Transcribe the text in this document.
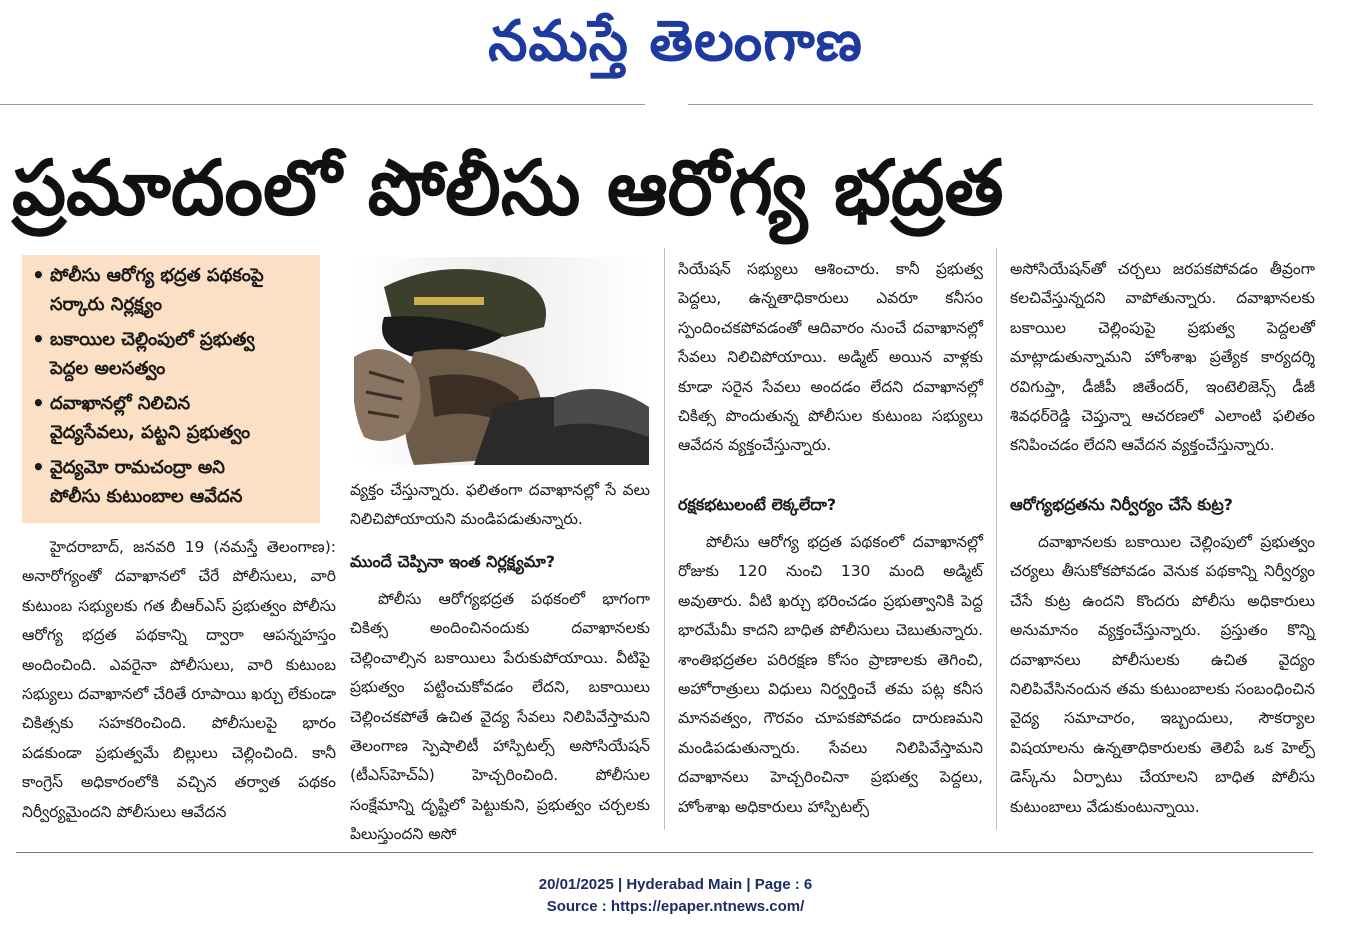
నమస్తే తెలంగాణ
ప్రమాదంలో పోలీసు ఆరోగ్య భద్రత
• పోలీసు ఆరోగ్య భద్రత పథకంపై
సర్కారు నిర్లక్ష్యం
• బకాయిల చెల్లింపులో ప్రభుత్వ
పెద్దల అలసత్వం
• దవాఖానల్లో నిలిచిన
వైద్యసేవలు, పట్టని ప్రభుత్వం
• వైద్యమో రామచంద్రా అని
పోలీసు కుటుంబాల ఆవేదన	వ్యక్తం చేస్తున్నారు. ఫలితంగా దవాఖానల్లో సే వలు నిలిచిపోయాయని మండిపడుతున్నారు.
హైదరాబాద్, జనవరి 19 (నమస్తే తెలంగాణ): అనారోగ్యంతో దవాఖానలో చేరే పోలీసులు, వారి కుటుంబ సభ్యులకు గత బీఆర్ఎస్ ప్రభుత్వం పోలీసు ఆరోగ్య భద్రత పథకాన్ని ద్వారా ఆపన్నహస్తం అందించింది. ఎవరైనా పోలీసులు, వారి కుటుంబ సభ్యులు దవాఖానలో చేరితే రూపాయి ఖర్చు లేకుండా చికిత్సకు సహకరించింది. పోలీసులపై భారం పడకుండా ప్రభుత్వమే బిల్లులు చెల్లించింది. కానీ కాంగ్రెస్ అధికారంలోకి వచ్చిన తర్వాత పథకం నిర్వీర్యమైందని పోలీసులు ఆవేదన
ముందే చెప్పినా ఇంత నిర్లక్ష్యమా?
పోలీసు ఆరోగ్యభద్రత పథకంలో భాగంగా చికిత్స అందించినందుకు దవాఖానలకు చెల్లించాల్సిన బకాయిలు పేరుకుపోయాయి. వీటిపై ప్రభుత్వం పట్టించుకోవడం లేదని, బకాయిలు చెల్లించకపోతే ఉచిత వైద్య సేవలు నిలిపివేస్తామని తెలంగాణ స్పెషాలిటీ హాస్పిటల్స్ అసోసియేషన్ (టీఎస్‌హెచ్‌ఏ) హెచ్చరించింది. పోలీసుల సంక్షేమాన్ని దృష్టిలో పెట్టుకుని, ప్రభుత్వం చర్చలకు పిలుస్తుందని అసో
సియేషన్ సభ్యులు ఆశించారు. కానీ ప్రభుత్వ పెద్దలు, ఉన్నతాధికారులు ఎవరూ కనీసం స్పందించకపోవడంతో ఆదివారం నుంచే దవాఖానల్లో సేవలు నిలిచిపోయాయి. అడ్మిట్ అయిన వాళ్లకు కూడా సరైన సేవలు అందడం లేదని దవాఖానల్లో చికిత్స పొందుతున్న పోలీసుల కుటుంబ సభ్యులు ఆవేదన వ్యక్తంచేస్తున్నారు.
రక్షకభటులంటే లెక్కలేదా?
పోలీసు ఆరోగ్య భద్రత పథకంలో దవాఖానల్లో రోజుకు 120 నుంచి 130 మంది అడ్మిట్ అవుతారు. వీటి ఖర్చు భరించడం ప్రభుత్వానికి పెద్ద భారమేమీ కాదని బాధిత పోలీసులు చెబుతున్నారు. శాంతిభద్రతల పరిరక్షణ కోసం ప్రాణాలకు తెగించి, అహోరాత్రులు విధులు నిర్వర్తించే తమ పట్ల కనీస మానవత్వం, గౌరవం చూపకపోవడం దారుణమని మండిపడుతున్నారు. సేవలు నిలిపివేస్తామని దవాఖానలు హెచ్చరించినా ప్రభుత్వ పెద్దలు, హోంశాఖ అధికారులు హాస్పిటల్స్
అసోసియేషన్‌తో చర్చలు జరపకపోవడం తీవ్రంగా కలచివేస్తున్నదని వాపోతున్నారు. దవాఖానలకు బకాయిల చెల్లింపుపై ప్రభుత్వ పెద్దలతో మాట్లాడుతున్నామని హోంశాఖ ప్రత్యేక కార్యదర్శి రవిగుప్తా, డీజీపీ జితేందర్, ఇంటెలిజెన్స్ డీజీ శివధర్‌రెడ్డి చెప్తున్నా ఆచరణలో ఎలాంటి ఫలితం కనిపించడం లేదని ఆవేదన వ్యక్తంచేస్తున్నారు.
ఆరోగ్యభద్రతను నిర్వీర్యం చేసే కుట్ర?
దవాఖానలకు బకాయిల చెల్లింపులో ప్రభుత్వం చర్యలు తీసుకోకపోవడం వెనుక పథకాన్ని నిర్వీర్యం చేసే కుట్ర ఉందని కొందరు పోలీసు అధికారులు అనుమానం వ్యక్తంచేస్తున్నారు. ప్రస్తుతం కొన్ని దవాఖానలు పోలీసులకు ఉచిత వైద్యం నిలిపివేసినందున తమ కుటుంబాలకు సంబంధించిన వైద్య సమాచారం, ఇబ్బందులు, సౌకర్యాల విషయాలను ఉన్నతాధికారులకు తెలిపే ఒక హెల్ప్ డెస్క్‌ను ఏర్పాటు చేయాలని బాధిత పోలీసు కుటుంబాలు వేడుకుంటున్నాయి.
20/01/2025 | Hyderabad Main | Page : 6
Source : https://epaper.ntnews.com/
